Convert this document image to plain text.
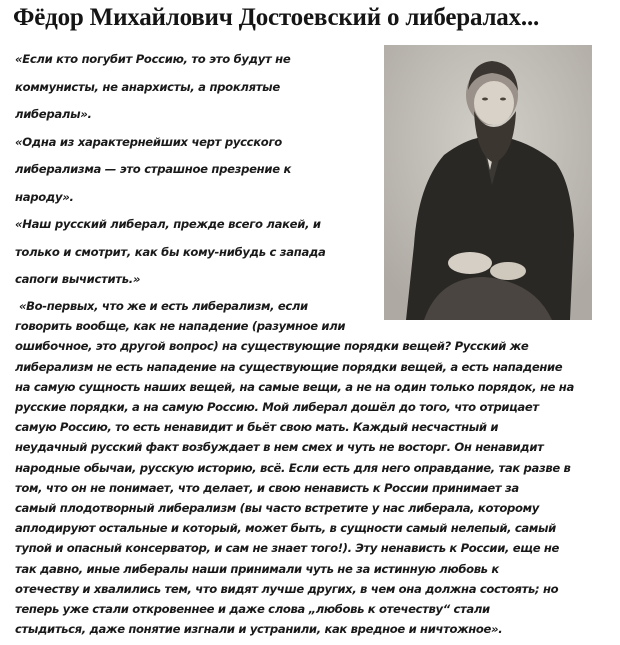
Фёдор Михайлович Достоевский о либералах...
«Если кто погубит Россию, то это будут не
коммунисты, не анархисты, а проклятые
либералы».
«Одна из характернейших черт русского
либерализма — это страшное презрение к
народу».
«Наш русский либерал, прежде всего лакей, и
только и смотрит, как бы кому-нибудь с запада
сапоги вычистить.»
«Во-первых, что же и есть либерализм, если
говорить вообще, как не нападение (разумное или
ошибочное, это другой вопрос) на существующие порядки вещей? Русский же
либерализм не есть нападение на существующие порядки вещей, а есть нападение
на самую сущность наших вещей, на самые вещи, а не на один только порядок, не на
русские порядки, а на самую Россию. Мой либерал дошёл до того, что отрицает
самую Россию, то есть ненавидит и бьёт свою мать. Каждый несчастный и
неудачный русский факт возбуждает в нем смех и чуть не восторг. Он ненавидит
народные обычаи, русскую историю, всё. Если есть для него оправдание, так разве в
том, что он не понимает, что делает, и свою ненависть к России принимает за
самый плодотворный либерализм (вы часто встретите у нас либерала, которому
аплодируют остальные и который, может быть, в сущности самый нелепый, самый
тупой и опасный консерватор, и сам не знает того!). Эту ненависть к России, еще не
так давно, иные либералы наши принимали чуть не за истинную любовь к
отечеству и хвалились тем, что видят лучше других, в чем она должна состоять; но
теперь уже стали откровеннее и даже слова „любовь к отечеству“ стали
стыдиться, даже понятие изгнали и устранили, как вредное и ничтожное».
